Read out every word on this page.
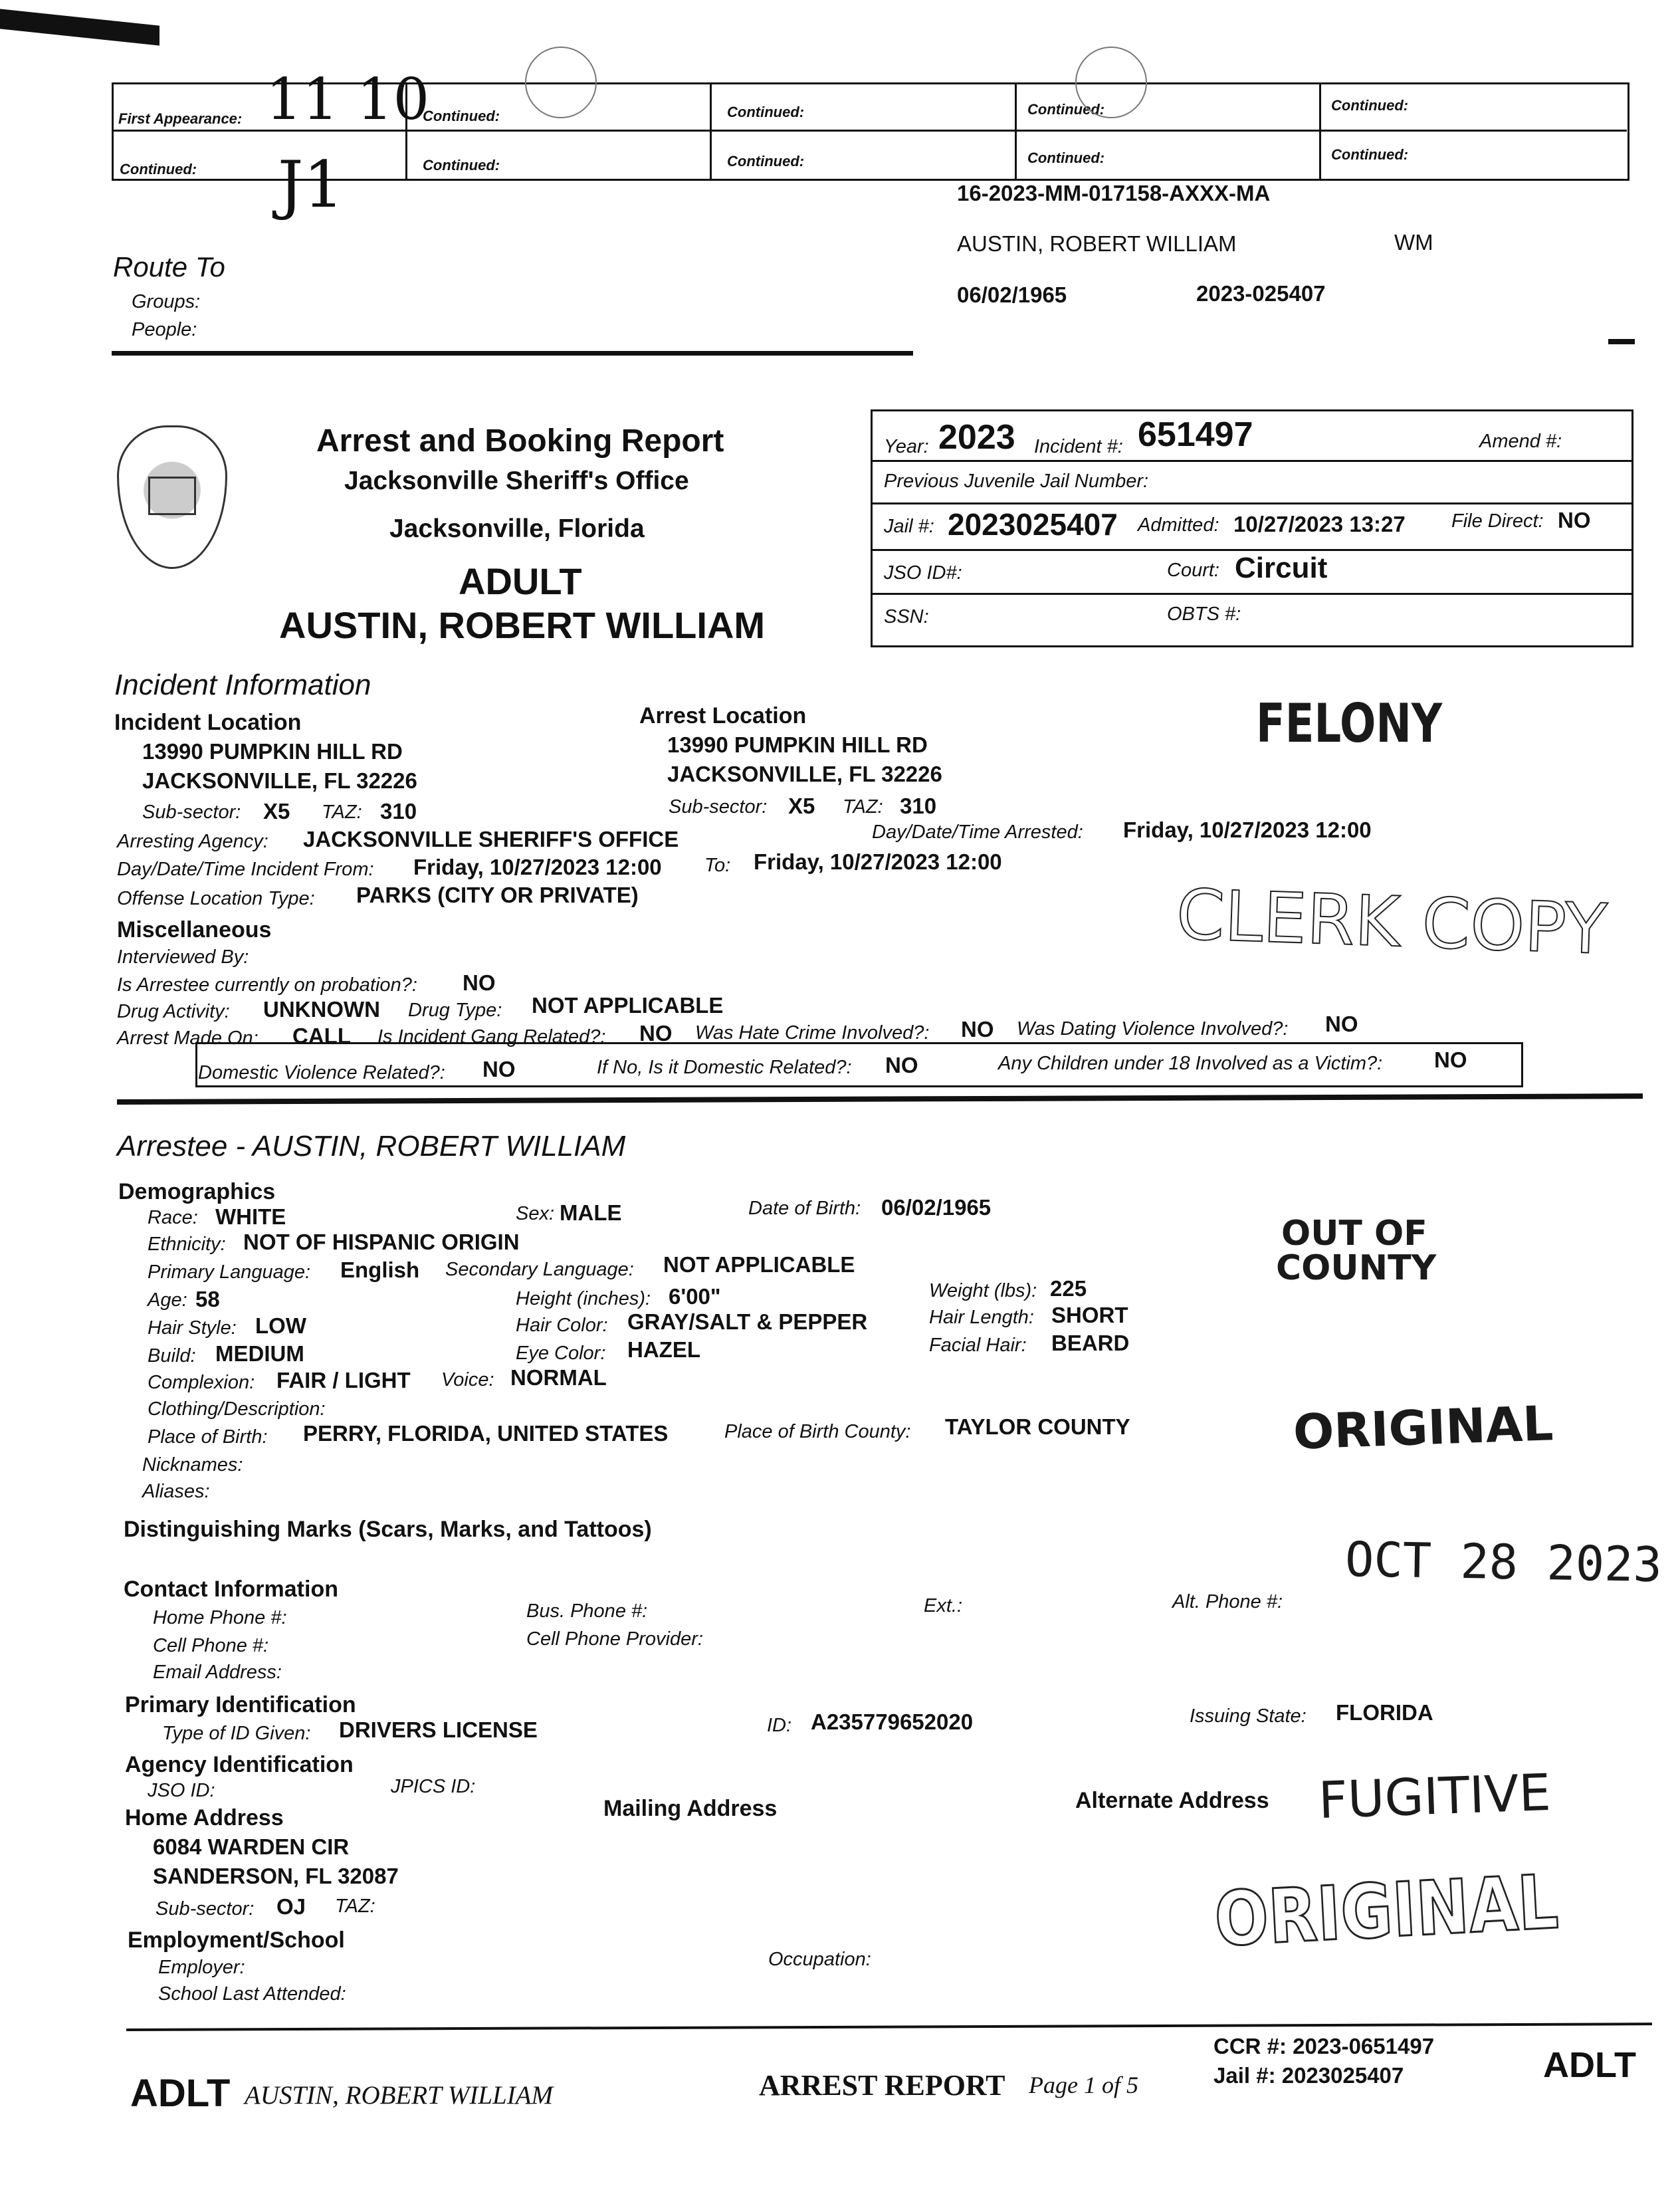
First Appearance:	Continued:	Continued:	Continued:	Continued:
Continued:	Continued:	Continued:	Continued:	Continued:
11 10
J1	16-2023-MM-017158-AXXX-MA
AUSTIN, ROBERT WILLIAM	WM
06/02/1965	2023-025407
Route To
Groups:
People:
Arrest and Booking Report
Jacksonville Sheriff's Office
Jacksonville, Florida
ADULT
AUSTIN, ROBERT WILLIAM
Year: 2023 Incident #: 651497	Amend #:
Previous Juvenile Jail Number:
Jail #: 2023025407 Admitted: 10/27/2023 13:27 File Direct: NO
JSO ID#:	Court: Circuit
SSN:	OBTS #:
Incident Information
Incident Location
13990 PUMPKIN HILL RD
JACKSONVILLE, FL 32226
Arrest Location
13990 PUMPKIN HILL RD
JACKSONVILLE, FL 32226
Sub-sector: X5 TAZ: 310	Sub-sector: X5 TAZ: 310
Arresting Agency: JACKSONVILLE SHERIFF'S OFFICE	Day/Date/Time Arrested: Friday, 10/27/2023 12:00
Day/Date/Time Incident From: Friday, 10/27/2023 12:00 To: Friday, 10/27/2023 12:00
Offense Location Type: PARKS (CITY OR PRIVATE)
Miscellaneous
Interviewed By:
Is Arrestee currently on probation?: NO
Drug Activity: UNKNOWN Drug Type: NOT APPLICABLE
Arrest Made On: CALL Is Incident Gang Related?: NO Was Hate Crime Involved?: NO Was Dating Violence Involved?: NO
Domestic Violence Related?: NO	If No, Is it Domestic Related?: NO	Any Children under 18 Involved as a Victim?: NO
Arrestee - AUSTIN, ROBERT WILLIAM
Demographics
Race: WHITE	Sex: MALE	Date of Birth: 06/02/1965
Ethnicity: NOT OF HISPANIC ORIGIN
Primary Language: English Secondary Language: NOT APPLICABLE
Age: 58	Height (inches): 6'00"	Weight (lbs): 225
Hair Style: LOW	Hair Color: GRAY/SALT & PEPPER	Hair Length: SHORT
Build: MEDIUM	Eye Color: HAZEL	Facial Hair: BEARD
Complexion: FAIR / LIGHT Voice: NORMAL
Clothing/Description:
Place of Birth: PERRY, FLORIDA, UNITED STATES	Place of Birth County: TAYLOR COUNTY
Nicknames:
Aliases:
Distinguishing Marks (Scars, Marks, and Tattoos)
Contact Information
Home Phone #:	Bus. Phone #:	Ext.:	Alt. Phone #:
Cell Phone #:	Cell Phone Provider:
Email Address:
Primary Identification
Type of ID Given: DRIVERS LICENSE	ID: A235779652020	Issuing State: FLORIDA
Agency Identification
JSO ID:	JPICS ID:
Home Address	Mailing Address	Alternate Address
6084 WARDEN CIR
SANDERSON, FL 32087
Sub-sector: OJ TAZ:
Employment/School
Employer:	Occupation:
School Last Attended:
FELONY
CLERK COPY
OUT OF
COUNTY
ORIGINAL
OCT 28 2023
FUGITIVE
ORIGINAL
ADLT AUSTIN, ROBERT WILLIAM	ARREST REPORT Page 1 of 5
CCR #: 2023-0651497
Jail #: 2023025407	ADLT
